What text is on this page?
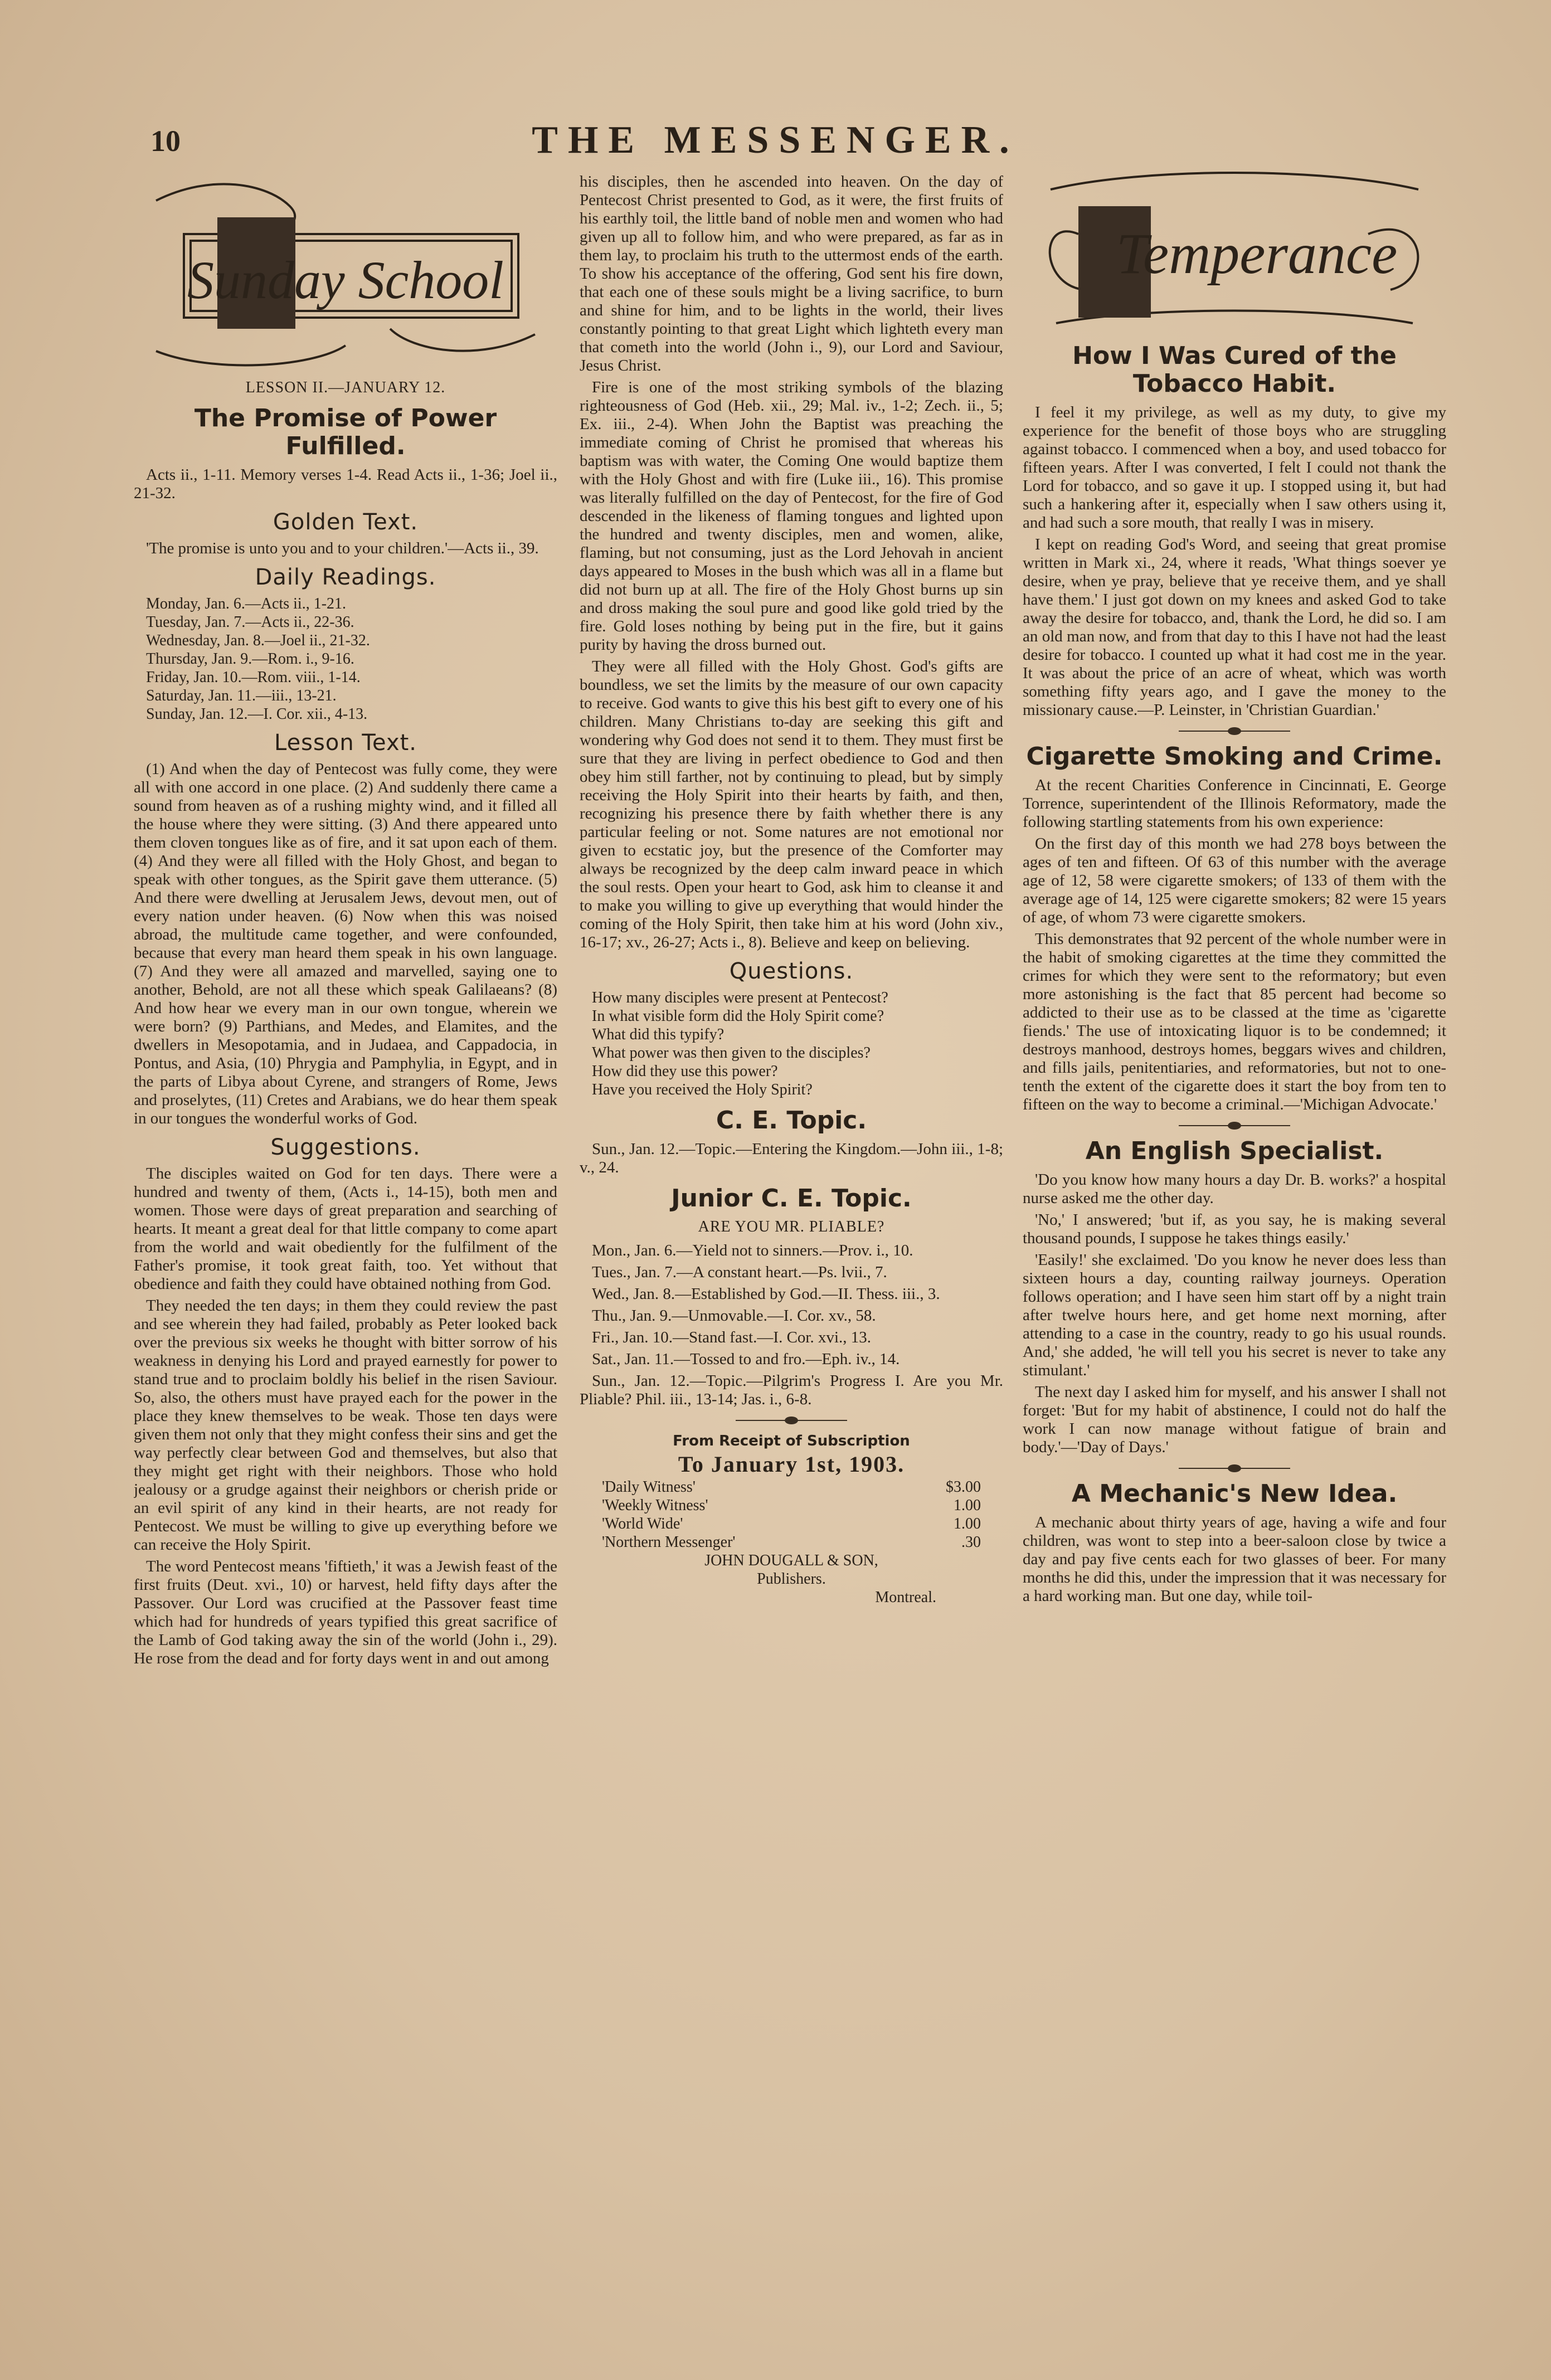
10	THE MESSENGER.
Sunday School
LESSON II.—JANUARY 12.
The Promise of Power Fulfilled.

Acts ii., 1-11. Memory verses 1-4. Read Acts ii., 1-36; Joel ii., 21-32.

Golden Text.

'The promise is unto you and to your children.'—Acts ii., 39.

Daily Readings.
Monday, Jan. 6.—Acts ii., 1-21.
Tuesday, Jan. 7.—Acts ii., 22-36.
Wednesday, Jan. 8.—Joel ii., 21-32.
Thursday, Jan. 9.—Rom. i., 9-16.
Friday, Jan. 10.—Rom. viii., 1-14.
Saturday, Jan. 11.—iii., 13-21.
Sunday, Jan. 12.—I. Cor. xii., 4-13.
Lesson Text.

(1) And when the day of Pentecost was fully come, they were all with one accord in one place. (2) And suddenly there came a sound from heaven as of a rushing mighty wind, and it filled all the house where they were sitting. (3) And there appeared unto them cloven tongues like as of fire, and it sat upon each of them. (4) And they were all filled with the Holy Ghost, and began to speak with other tongues, as the Spirit gave them utterance. (5) And there were dwelling at Jerusalem Jews, devout men, out of every nation under heaven. (6) Now when this was noised abroad, the multitude came together, and were confounded, because that every man heard them speak in his own language. (7) And they were all amazed and marvelled, saying one to another, Behold, are not all these which speak Galilaeans? (8) And how hear we every man in our own tongue, wherein we were born? (9) Parthians, and Medes, and Elamites, and the dwellers in Mesopotamia, and in Judaea, and Cappadocia, in Pontus, and Asia, (10) Phrygia and Pamphylia, in Egypt, and in the parts of Libya about Cyrene, and strangers of Rome, Jews and proselytes, (11) Cretes and Arabians, we do hear them speak in our tongues the wonderful works of God.

Suggestions.

The disciples waited on God for ten days. There were a hundred and twenty of them, (Acts i., 14-15), both men and women. Those were days of great preparation and searching of hearts. It meant a great deal for that little company to come apart from the world and wait obediently for the fulfilment of the Father's promise, it took great faith, too. Yet without that obedience and faith they could have obtained nothing from God.

They needed the ten days; in them they could review the past and see wherein they had failed, probably as Peter looked back over the previous six weeks he thought with bitter sorrow of his weakness in denying his Lord and prayed earnestly for power to stand true and to proclaim boldly his belief in the risen Saviour. So, also, the others must have prayed each for the power in the place they knew themselves to be weak. Those ten days were given them not only that they might confess their sins and get the way perfectly clear between God and themselves, but also that they might get right with their neighbors. Those who hold jealousy or a grudge against their neighbors or cherish pride or an evil spirit of any kind in their hearts, are not ready for Pentecost. We must be willing to give up everything before we can receive the Holy Spirit.

The word Pentecost means 'fiftieth,' it was a Jewish feast of the first fruits (Deut. xvi., 10) or harvest, held fifty days after the Passover. Our Lord was crucified at the Passover feast time which had for hundreds of years typified this great sacrifice of the Lamb of God taking away the sin of the world (John i., 29). He rose from the dead and for forty days went in and out among

his disciples, then he ascended into heaven. On the day of Pentecost Christ presented to God, as it were, the first fruits of his earthly toil, the little band of noble men and women who had given up all to follow him, and who were prepared, as far as in them lay, to proclaim his truth to the uttermost ends of the earth. To show his acceptance of the offering, God sent his fire down, that each one of these souls might be a living sacrifice, to burn and shine for him, and to be lights in the world, their lives constantly pointing to that great Light which lighteth every man that cometh into the world (John i., 9), our Lord and Saviour, Jesus Christ.

Fire is one of the most striking symbols of the blazing righteousness of God (Heb. xii., 29; Mal. iv., 1-2; Zech. ii., 5; Ex. iii., 2-4). When John the Baptist was preaching the immediate coming of Christ he promised that whereas his baptism was with water, the Coming One would baptize them with the Holy Ghost and with fire (Luke iii., 16). This promise was literally fulfilled on the day of Pentecost, for the fire of God descended in the likeness of flaming tongues and lighted upon the hundred and twenty disciples, men and women, alike, flaming, but not consuming, just as the Lord Jehovah in ancient days appeared to Moses in the bush which was all in a flame but did not burn up at all. The fire of the Holy Ghost burns up sin and dross making the soul pure and good like gold tried by the fire. Gold loses nothing by being put in the fire, but it gains purity by having the dross burned out.

They were all filled with the Holy Ghost. God's gifts are boundless, we set the limits by the measure of our own capacity to receive. God wants to give this his best gift to every one of his children. Many Christians to-day are seeking this gift and wondering why God does not send it to them. They must first be sure that they are living in perfect obedience to God and then obey him still farther, not by continuing to plead, but by simply receiving the Holy Spirit into their hearts by faith, and then, recognizing his presence there by faith whether there is any particular feeling or not. Some natures are not emotional nor given to ecstatic joy, but the presence of the Comforter may always be recognized by the deep calm inward peace in which the soul rests. Open your heart to God, ask him to cleanse it and to make you willing to give up everything that would hinder the coming of the Holy Spirit, then take him at his word (John xiv., 16-17; xv., 26-27; Acts i., 8). Believe and keep on believing.

Questions.
How many disciples were present at Pentecost?
In what visible form did the Holy Spirit come?
What did this typify?
What power was then given to the disciples?
How did they use this power?
Have you received the Holy Spirit?
C. E. Topic.

Sun., Jan. 12.—Topic.—Entering the Kingdom.—John iii., 1-8; v., 24.

Junior C. E. Topic.
ARE YOU MR. PLIABLE?

Mon., Jan. 6.—Yield not to sinners.—Prov. i., 10.

Tues., Jan. 7.—A constant heart.—Ps. lvii., 7.

Wed., Jan. 8.—Established by God.—II. Thess. iii., 3.

Thu., Jan. 9.—Unmovable.—I. Cor. xv., 58.

Fri., Jan. 10.—Stand fast.—I. Cor. xvi., 13.

Sat., Jan. 11.—Tossed to and fro.—Eph. iv., 14.

Sun., Jan. 12.—Topic.—Pilgrim's Progress I. Are you Mr. Pliable? Phil. iii., 13-14; Jas. i., 6-8.

From Receipt of Subscription
To January 1st, 1903.
'Daily Witness'	$3.00
'Weekly Witness'	1.00
'World Wide'	1.00
'Northern Messenger'	.30
JOHN DOUGALL & SON,
Publishers.
Montreal.
Temperance
How I Was Cured of the Tobacco Habit.

I feel it my privilege, as well as my duty, to give my experience for the benefit of those boys who are struggling against tobacco. I commenced when a boy, and used tobacco for fifteen years. After I was converted, I felt I could not thank the Lord for tobacco, and so gave it up. I stopped using it, but had such a hankering after it, especially when I saw others using it, and had such a sore mouth, that really I was in misery.

I kept on reading God's Word, and seeing that great promise written in Mark xi., 24, where it reads, 'What things soever ye desire, when ye pray, believe that ye receive them, and ye shall have them.' I just got down on my knees and asked God to take away the desire for tobacco, and, thank the Lord, he did so. I am an old man now, and from that day to this I have not had the least desire for tobacco. I counted up what it had cost me in the year. It was about the price of an acre of wheat, which was worth something fifty years ago, and I gave the money to the missionary cause.—P. Leinster, in 'Christian Guardian.'

Cigarette Smoking and Crime.

At the recent Charities Conference in Cincinnati, E. George Torrence, superintendent of the Illinois Reformatory, made the following startling statements from his own experience:

On the first day of this month we had 278 boys between the ages of ten and fifteen. Of 63 of this number with the average age of 12, 58 were cigarette smokers; of 133 of them with the average age of 14, 125 were cigarette smokers; 82 were 15 years of age, of whom 73 were cigarette smokers.

This demonstrates that 92 percent of the whole number were in the habit of smoking cigarettes at the time they committed the crimes for which they were sent to the reformatory; but even more astonishing is the fact that 85 percent had become so addicted to their use as to be classed at the time as 'cigarette fiends.' The use of intoxicating liquor is to be condemned; it destroys manhood, destroys homes, beggars wives and children, and fills jails, penitentiaries, and reformatories, but not to one-tenth the extent of the cigarette does it start the boy from ten to fifteen on the way to become a criminal.—'Michigan Advocate.'

An English Specialist.

'Do you know how many hours a day Dr. B. works?' a hospital nurse asked me the other day.

'No,' I answered; 'but if, as you say, he is making several thousand pounds, I suppose he takes things easily.'

'Easily!' she exclaimed. 'Do you know he never does less than sixteen hours a day, counting railway journeys. Operation follows operation; and I have seen him start off by a night train after twelve hours here, and get home next morning, after attending to a case in the country, ready to go his usual rounds. And,' she added, 'he will tell you his secret is never to take any stimulant.'

The next day I asked him for myself, and his answer I shall not forget: 'But for my habit of abstinence, I could not do half the work I can now manage without fatigue of brain and body.'—'Day of Days.'

A Mechanic's New Idea.

A mechanic about thirty years of age, having a wife and four children, was wont to step into a beer-saloon close by twice a day and pay five cents each for two glasses of beer. For many months he did this, under the impression that it was necessary for a hard working man. But one day, while toil-
